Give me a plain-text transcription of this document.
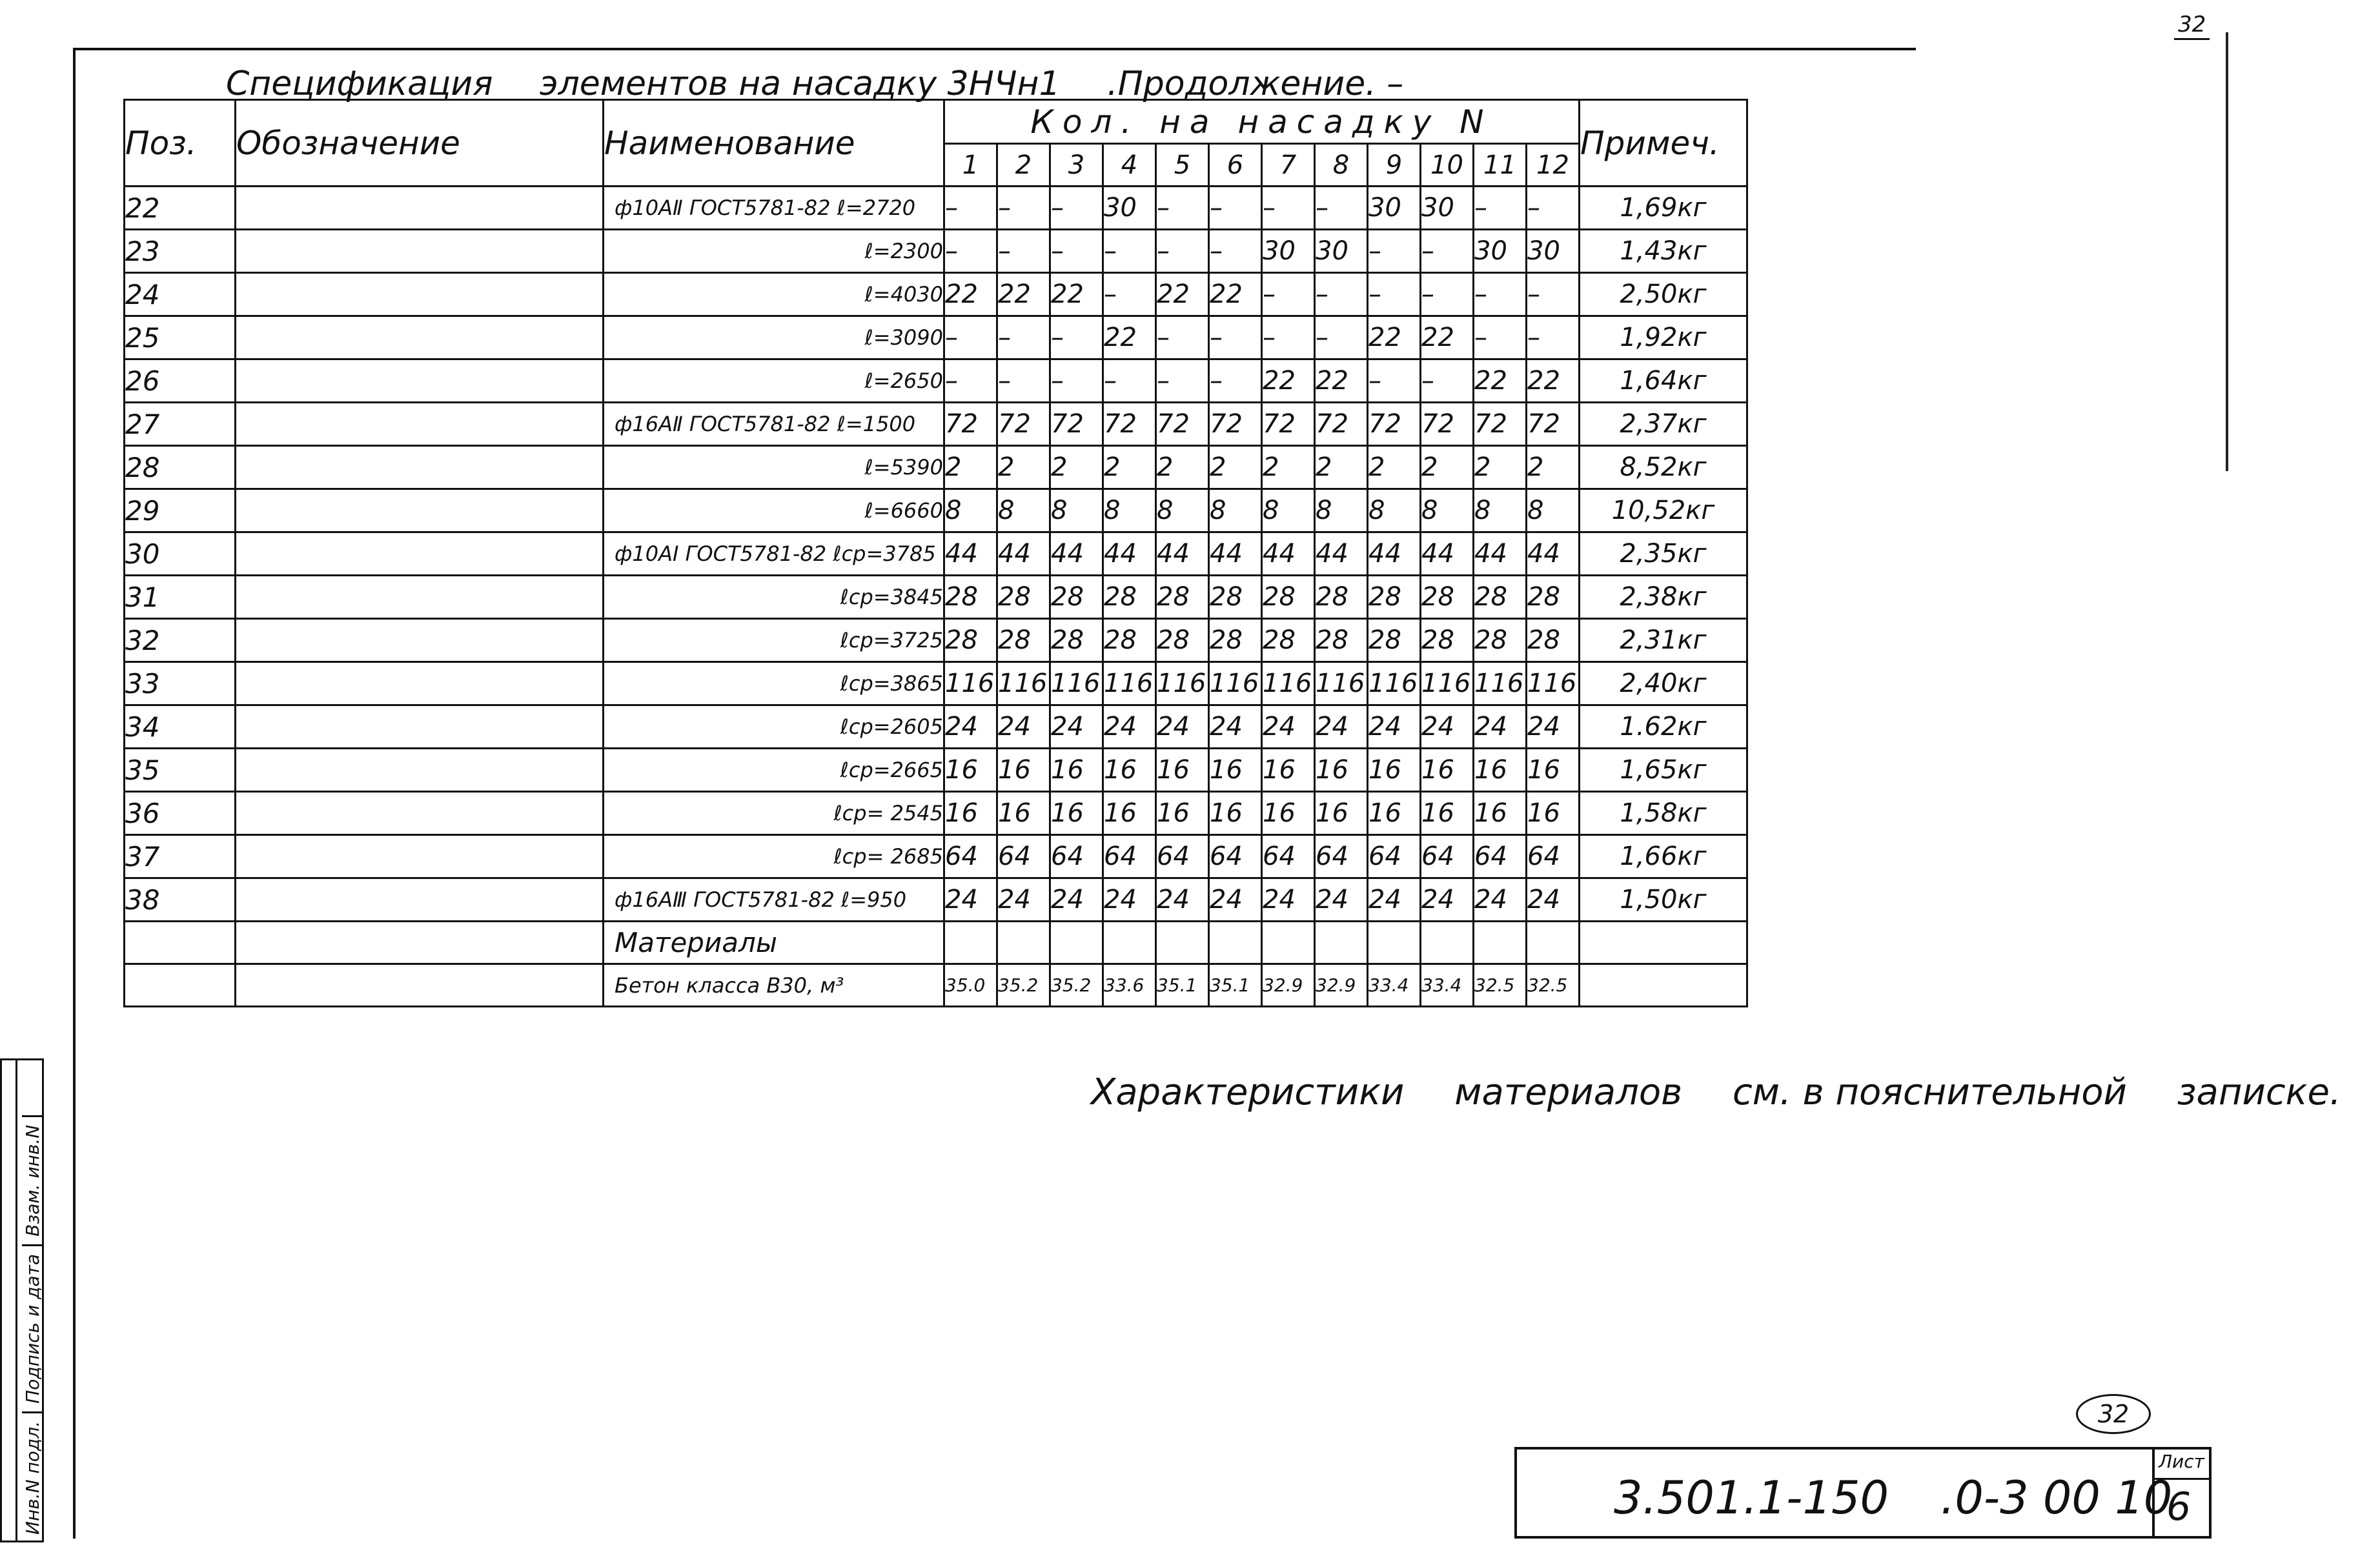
32
Спецификация элементов на насадку 3НЧн1 .Продолжение. –
Поз.	Обозначение	Наименование	Кол. на насадку N												Примеч.
			1	2	3	4	5	6	7	8	9	10	11	12	
22		ф10АⅡ ГОСТ5781-82 ℓ=2720	–	–	–	30	–	–	–	–	30	30	–	–	1,69кг
23		ℓ=2300	–	–	–	–	–	–	30	30	–	–	30	30	1,43кг
24		ℓ=4030	22	22	22	–	22	22	–	–	–	–	–	–	2,50кг
25		ℓ=3090	–	–	–	22	–	–	–	–	22	22	–	–	1,92кг
26		ℓ=2650	–	–	–	–	–	–	22	22	–	–	22	22	1,64кг
27		ф16АⅡ ГОСТ5781-82 ℓ=1500	72	72	72	72	72	72	72	72	72	72	72	72	2,37кг
28		ℓ=5390	2	2	2	2	2	2	2	2	2	2	2	2	8,52кг
29		ℓ=6660	8	8	8	8	8	8	8	8	8	8	8	8	10,52кг
30		ф10АⅠ ГОСТ5781-82 ℓср=3785	44	44	44	44	44	44	44	44	44	44	44	44	2,35кг
31		ℓср=3845	28	28	28	28	28	28	28	28	28	28	28	28	2,38кг
32		ℓср=3725	28	28	28	28	28	28	28	28	28	28	28	28	2,31кг
33		ℓср=3865	116	116	116	116	116	116	116	116	116	116	116	116	2,40кг
34		ℓср=2605	24	24	24	24	24	24	24	24	24	24	24	24	1.62кг
35		ℓср=2665	16	16	16	16	16	16	16	16	16	16	16	16	1,65кг
36		ℓср= 2545	16	16	16	16	16	16	16	16	16	16	16	16	1,58кг
37		ℓср= 2685	64	64	64	64	64	64	64	64	64	64	64	64	1,66кг
38		ф16АⅢ ГОСТ5781-82 ℓ=950	24	24	24	24	24	24	24	24	24	24	24	24	1,50кг
		Материалы													
		Бетон класса В30, м³	35.0	35.2	35.2	33.6	35.1	35.1	32.9	32.9	33.4	33.4	32.5	32.5	
Характеристики материалов см. в пояснительной записке.
Инв.N подл.Подпись и датаВзам. инв.N
32
3.501.1-150 .0-3 00 10
Лист
6
